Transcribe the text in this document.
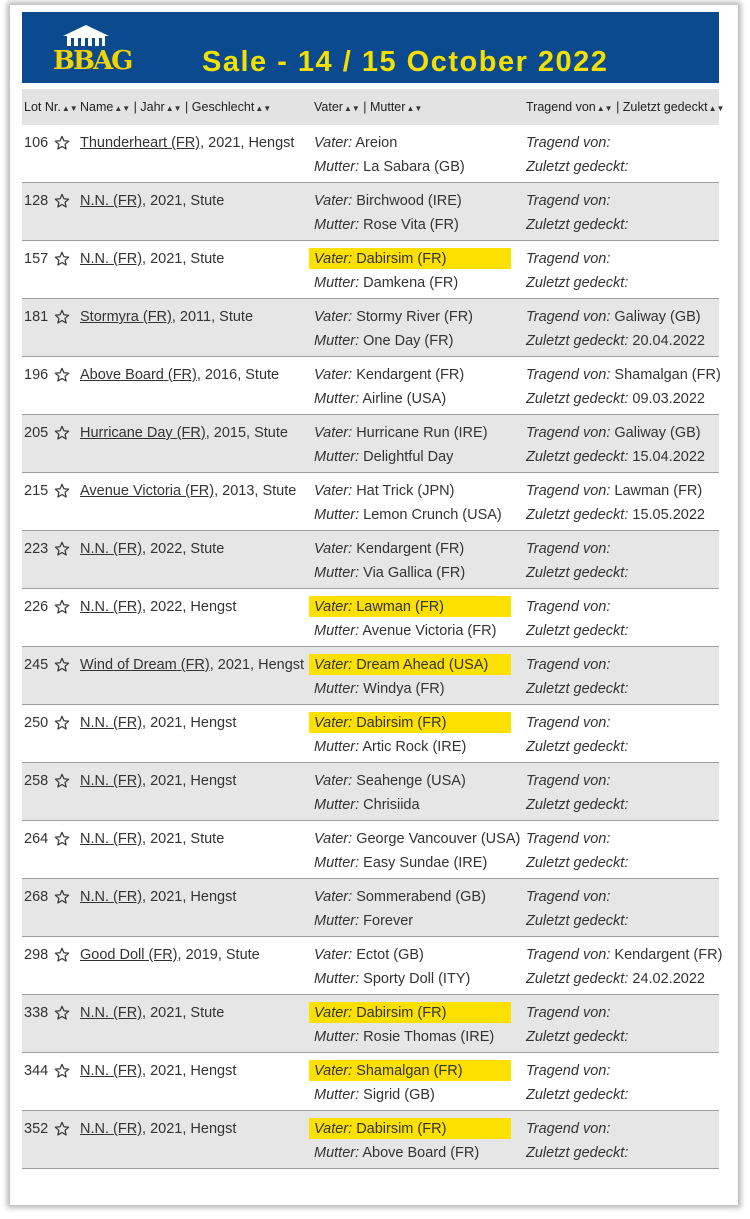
BBAG Sale - 14 / 15 October 2022
Lot Nr.▲▼ Name▲▼ | Jahr▲▼ | Geschlecht▲▼	Vater▲▼ | Mutter▲▼	Tragend von▲▼ | Zuletzt gedeckt▲▼
106 Thunderheart (FR), 2021, Hengst Vater: Areion
Mutter: La Sabara (GB)
Tragend von:
Zuletzt gedeckt:
128 N.N. (FR), 2021, Stute	Vater: Birchwood (IRE)
Mutter: Rose Vita (FR)
Tragend von:
Zuletzt gedeckt:
157 N.N. (FR), 2021, Stute	Vater: Dabirsim (FR)
Mutter: Damkena (FR)
Tragend von:
Zuletzt gedeckt:
181 Stormyra (FR), 2011, Stute	Vater: Stormy River (FR)
Mutter: One Day (FR)
Tragend von: Galiway (GB)
Zuletzt gedeckt: 20.04.2022
196 Above Board (FR), 2016, Stute Vater: Kendargent (FR)
Mutter: Airline (USA)
Tragend von: Shamalgan (FR)
Zuletzt gedeckt: 09.03.2022
205 Hurricane Day (FR), 2015, Stute Vater: Hurricane Run (IRE)
Mutter: Delightful Day
Tragend von: Galiway (GB)
Zuletzt gedeckt: 15.04.2022
215 Avenue Victoria (FR), 2013, Stute Vater: Hat Trick (JPN)
Mutter: Lemon Crunch (USA)
Tragend von: Lawman (FR)
Zuletzt gedeckt: 15.05.2022
223 N.N. (FR), 2022, Stute	Vater: Kendargent (FR)
Mutter: Via Gallica (FR)
Tragend von:
Zuletzt gedeckt:
226 N.N. (FR), 2022, Hengst	Vater: Lawman (FR)
Mutter: Avenue Victoria (FR)
Tragend von:
Zuletzt gedeckt:
245 Wind of Dream (FR), 2021, Hengst Vater: Dream Ahead (USA)
Mutter: Windya (FR)
Tragend von:
Zuletzt gedeckt:
250 N.N. (FR), 2021, Hengst	Vater: Dabirsim (FR)
Mutter: Artic Rock (IRE)
Tragend von:
Zuletzt gedeckt:
258 N.N. (FR), 2021, Hengst	Vater: Seahenge (USA)
Mutter: Chrisiida
Tragend von:
Zuletzt gedeckt:
264 N.N. (FR), 2021, Stute	Vater: George Vancouver (USA)
Mutter: Easy Sundae (IRE)
Tragend von:
Zuletzt gedeckt:
268 N.N. (FR), 2021, Hengst	Vater: Sommerabend (GB)
Mutter: Forever
Tragend von:
Zuletzt gedeckt:
298 Good Doll (FR), 2019, Stute	Vater: Ectot (GB)
Mutter: Sporty Doll (ITY)
Tragend von: Kendargent (FR)
Zuletzt gedeckt: 24.02.2022
338 N.N. (FR), 2021, Stute	Vater: Dabirsim (FR)
Mutter: Rosie Thomas (IRE)
Tragend von:
Zuletzt gedeckt:
344 N.N. (FR), 2021, Hengst	Vater: Shamalgan (FR)
Mutter: Sigrid (GB)
Tragend von:
Zuletzt gedeckt:
352 N.N. (FR), 2021, Hengst	Vater: Dabirsim (FR)
Mutter: Above Board (FR)
Tragend von:
Zuletzt gedeckt:
